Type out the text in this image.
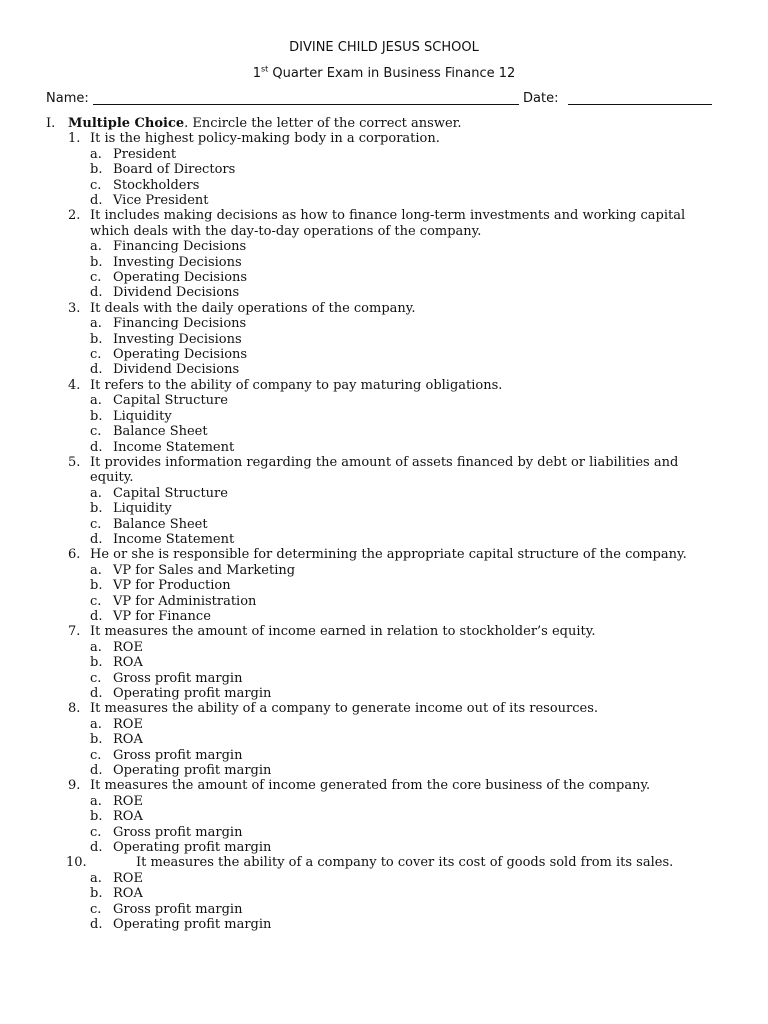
DIVINE CHILD JESUS SCHOOL
1st Quarter Exam in Business Finance 12
Name:	Date:
I. Multiple Choice. Encircle the letter of the correct answer.
1. It is the highest policy-making body in a corporation.
a. President
b. Board of Directors
c. Stockholders
d. Vice President
2. It includes making decisions as how to finance long-term investments and working capital which deals with the day-to-day operations of the company.
a. Financing Decisions
b. Investing Decisions
c. Operating Decisions
d. Dividend Decisions
3. It deals with the daily operations of the company.
a. Financing Decisions
b. Investing Decisions
c. Operating Decisions
d. Dividend Decisions
4. It refers to the ability of company to pay maturing obligations.
a. Capital Structure
b. Liquidity
c. Balance Sheet
d. Income Statement
5. It provides information regarding the amount of assets financed by debt or liabilities and equity.
a. Capital Structure
b. Liquidity
c. Balance Sheet
d. Income Statement
6. He or she is responsible for determining the appropriate capital structure of the company.
a. VP for Sales and Marketing
b. VP for Production
c. VP for Administration
d. VP for Finance
7. It measures the amount of income earned in relation to stockholder’s equity.
a. ROE
b. ROA
c. Gross profit margin
d. Operating profit margin
8. It measures the ability of a company to generate income out of its resources.
a. ROE
b. ROA
c. Gross profit margin
d. Operating profit margin
9. It measures the amount of income generated from the core business of the company.
a. ROE
b. ROA
c. Gross profit margin
d. Operating profit margin
10.	It measures the ability of a company to cover its cost of goods sold from its sales.
a. ROE
b. ROA
c. Gross profit margin
d. Operating profit margin
